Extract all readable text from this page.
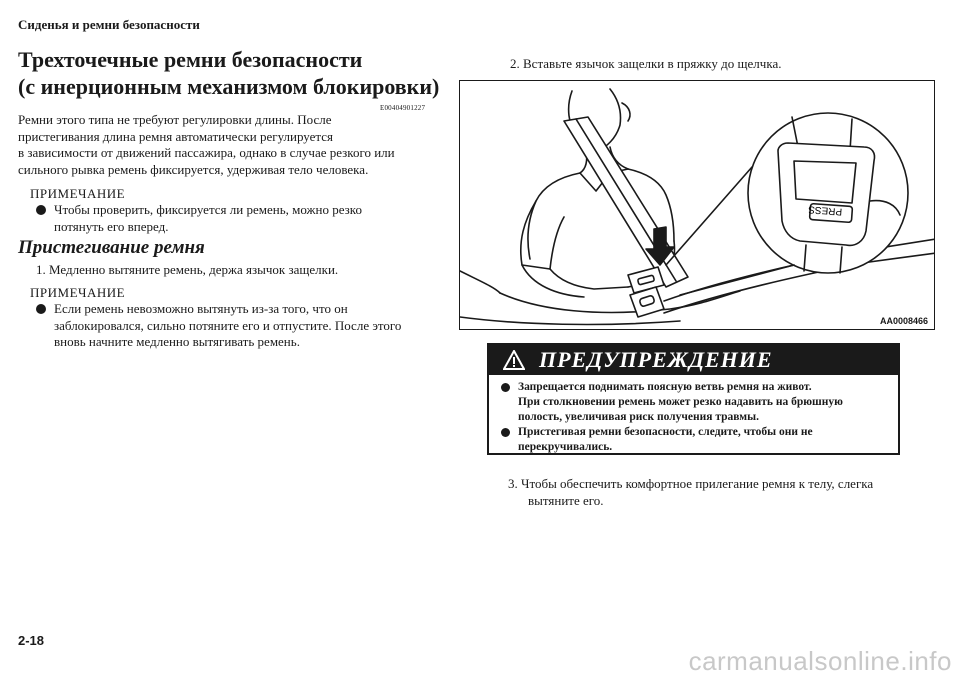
Сиденья и ремни безопасности
Трехточечные ремни безопасности
(с инерционным механизмом блокировки)
E00404901227
Ремни этого типа не требуют регулировки длины. После
пристегивания длина ремня автоматически регулируется
в зависимости от движений пассажира, однако в случае резкого или
сильного рывка ремень фиксируется, удерживая тело человека.
ПРИМЕЧАНИЕ
Чтобы проверить, фиксируется ли ремень, можно резко
потянуть его вперед.
Пристегивание ремня
1. Медленно вытяните ремень, держа язычок защелки.
ПРИМЕЧАНИЕ
Если ремень невозможно вытянуть из-за того, что он
заблокировался, сильно потяните его и отпустите. После этого
вновь начните медленно вытягивать ремень.
2. Вставьте язычок защелки в пряжку до щелчка.
PRESS
AA0008466
ПРЕДУПРЕЖДЕНИЕ
Запрещается поднимать поясную ветвь ремня на живот.
При столкновении ремень может резко надавить на брюшную
полость, увеличивая риск получения травмы.
Пристегивая ремни безопасности, следите, чтобы они не
перекручивались.
3. Чтобы обеспечить комфортное прилегание ремня к телу, слегка
вытяните его.
2-18
carmanualsonline.info
